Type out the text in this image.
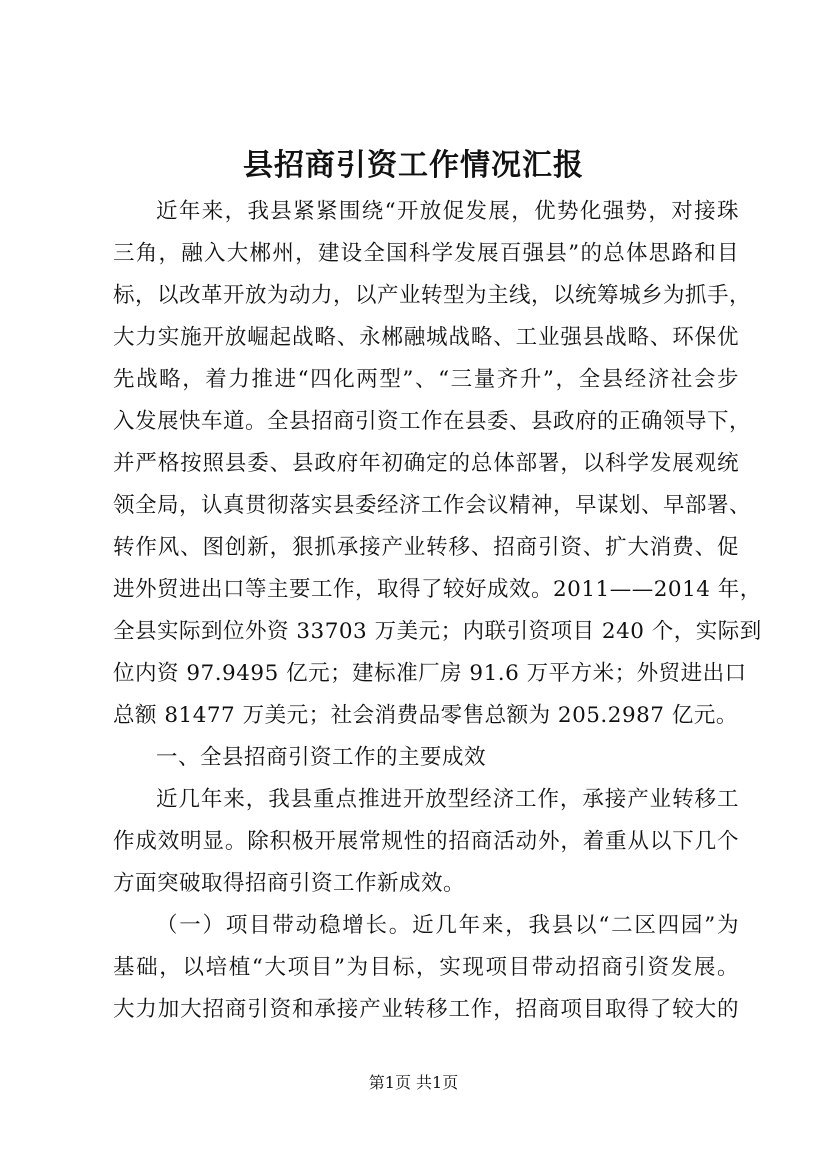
县招商引资工作情况汇报
近年来，我县紧紧围绕“开放促发展，优势化强势，对接珠
三角，融入大郴州，建设全国科学发展百强县”的总体思路和目
标，以改革开放为动力，以产业转型为主线，以统筹城乡为抓手，
大力实施开放崛起战略、永郴融城战略、工业强县战略、环保优
先战略，着力推进“四化两型”、“三量齐升”，全县经济社会步
入发展快车道。全县招商引资工作在县委、县政府的正确领导下，
并严格按照县委、县政府年初确定的总体部署，以科学发展观统
领全局，认真贯彻落实县委经济工作会议精神，早谋划、早部署、
转作风、图创新，狠抓承接产业转移、招商引资、扩大消费、促
进外贸进出口等主要工作，取得了较好成效。2011——2014 年，
全县实际到位外资 33703 万美元；内联引资项目 240 个，实际到
位内资 97.9495 亿元；建标准厂房 91.6 万平方米；外贸进出口
总额 81477 万美元；社会消费品零售总额为 205.2987 亿元。
一、全县招商引资工作的主要成效
近几年来，我县重点推进开放型经济工作，承接产业转移工
作成效明显。除积极开展常规性的招商活动外，着重从以下几个
方面突破取得招商引资工作新成效。
（一）项目带动稳增长。近几年来，我县以“二区四园”为
基础，以培植“大项目”为目标，实现项目带动招商引资发展。
大力加大招商引资和承接产业转移工作，招商项目取得了较大的
第1页 共1页
